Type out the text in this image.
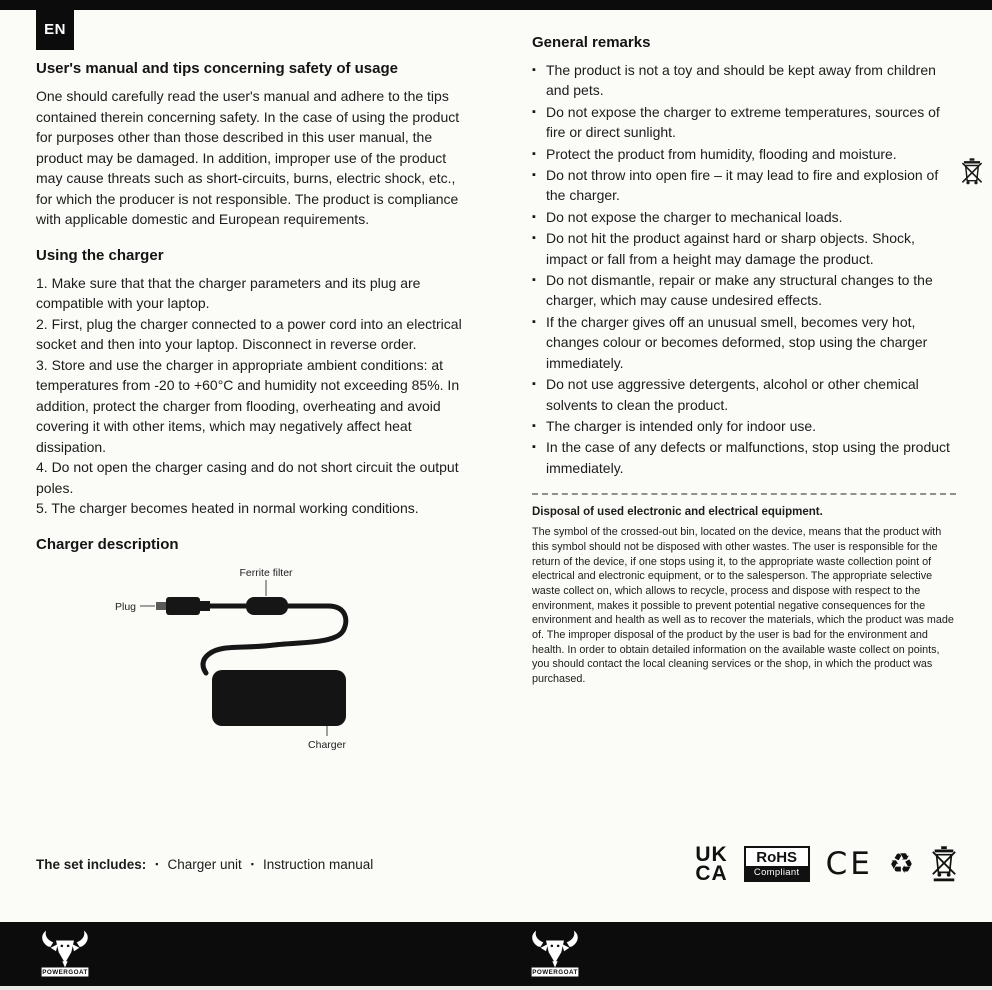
EN
User's manual and tips concerning safety of usage

One should carefully read the user's manual and adhere to the tips contained therein concerning safety. In the case of using the product for purposes other than those described in this user manual, the product may be damaged. In addition, improper use of the product may cause threats such as short-circuits, burns, electric shock, etc., for which the producer is not responsible. The product is compliance with applicable domestic and European requirements.

Using the charger

1. Make sure that that the charger parameters and its plug are compatible with your laptop.

2. First, plug the charger connected to a power cord into an electrical socket and then into your laptop. Disconnect in reverse order.

3. Store and use the charger in appropriate ambient conditions: at temperatures from -20 to +60°C and humidity not exceeding 85%. In addition, protect the charger from flooding, overheating and avoid covering it with other items, which may negatively affect heat dissipation.

4. Do not open the charger casing and do not short circuit the output poles.

5. The charger becomes heated in normal working conditions.

Charger description
Ferrite filter
Plug
Charger
General remarks
▪ The product is not a toy and should be kept away from children and pets.
▪ Do not expose the charger to extreme temperatures, sources of fire or direct sunlight.
▪ Protect the product from humidity, flooding and moisture.
▪ Do not throw into open fire – it may lead to fire and explosion of the charger.
▪ Do not expose the charger to mechanical loads.
▪ Do not hit the product against hard or sharp objects. Shock, impact or fall from a height may damage the product.
▪ Do not dismantle, repair or make any structural changes to the charger, which may cause undesired effects.
▪ If the charger gives off an unusual smell, becomes very hot, changes colour or becomes deformed, stop using the charger immediately.
▪ Do not use aggressive detergents, alcohol or other chemical solvents to clean the product.
▪ The charger is intended only for indoor use.
▪ In the case of any defects or malfunctions, stop using the product immediately.
Disposal of used electronic and electrical equipment.

The symbol of the crossed-out bin, located on the device, means that the product with this symbol should not be disposed with other wastes. The user is responsible for the return of the device, if one stops using it, to the appropriate waste collection point of electrical and electronic equipment, or to the salesperson. The appropriate selective waste collect on, which allows to recycle, process and dispose with respect to the environment, makes it possible to prevent potential negative consequences for the environment and health as well as to recover the materials, which the product was made of. The improper disposal of the product by the user is bad for the environment and health. In order to obtain detailed information on the available waste collect on points, you should contact the local cleaning services or the shop, in which the product was purchased.

The set includes: ▪ Charger unit ▪ Instruction manual	UK
CA
RoHS
Compliant CE ♻
POWERGOAT	POWERGOAT
